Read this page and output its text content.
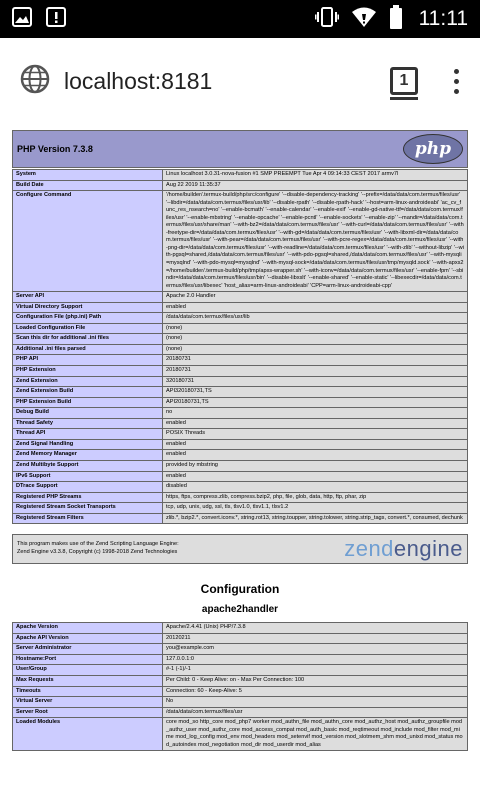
11:11
localhost:8181	1
PHP Version 7.3.8	php
System	Linux localhost 3.0.31-nova-fusion #1 SMP PREEMPT Tue Apr 4 09:14:33 CEST 2017 armv7l
Build Date	Aug 22 2019 11:35:37
Configure Command	'/home/builder/.termux-build/php/src/configure' '--disable-dependency-tracking' '--prefix=/data/data/com.termux/files/usr' '--libdir=/data/data/com.termux/files/usr/lib' '--disable-rpath' '--disable-rpath-hack' '--host=arm-linux-androideabi' 'ac_cv_func_res_nsearch=no' '--enable-bcmath' '--enable-calendar' '--enable-exif' '--enable-gd-native-ttf=/data/data/com.termux/files/usr' '--enable-mbstring' '--enable-opcache' '--enable-pcntl' '--enable-sockets' '--enable-zip' '--mandir=/data/data/com.termux/files/usr/share/man' '--with-bz2=/data/data/com.termux/files/usr' '--with-curl=/data/data/com.termux/files/usr' '--with-freetype-dir=/data/data/com.termux/files/usr' '--with-gd=/data/data/com.termux/files/usr' '--with-libxml-dir=/data/data/com.termux/files/usr' '--with-pear=/data/data/com.termux/files/usr' '--with-pcre-regex=/data/data/com.termux/files/usr' '--with-png-dir=/data/data/com.termux/files/usr' '--with-readline=/data/data/com.termux/files/usr' '--with-zlib' '--without-libzip' '--with-pgsql=shared,/data/data/com.termux/files/usr' '--with-pdo-pgsql=shared,/data/data/com.termux/files/usr' '--with-mysqli=mysqlnd' '--with-pdo-mysql=mysqlnd' '--with-mysql-sock=/data/data/com.termux/files/usr/tmp/mysqld.sock' '--with-apxs2=/home/builder/.termux-build/php/tmp/apxs-wrapper.sh' '--with-iconv=/data/data/com.termux/files/usr' '--enable-fpm' '--sbindir=/data/data/com.termux/files/usr/bin' '--disable-libxslt' '--enable-shared' '--enable-static' '--libexecdir=/data/data/com.termux/files/usr/libexec' 'host_alias=arm-linux-androideabi' 'CPP=arm-linux-androideabi-cpp'
Server API	Apache 2.0 Handler
Virtual Directory Support	enabled
Configuration File (php.ini) Path	/data/data/com.termux/files/usr/lib
Loaded Configuration File	(none)
Scan this dir for additional .ini files	(none)
Additional .ini files parsed	(none)
PHP API	20180731
PHP Extension	20180731
Zend Extension	320180731
Zend Extension Build	API320180731,TS
PHP Extension Build	API20180731,TS
Debug Build	no
Thread Safety	enabled
Thread API	POSIX Threads
Zend Signal Handling	enabled
Zend Memory Manager	enabled
Zend Multibyte Support	provided by mbstring
IPv6 Support	enabled
DTrace Support	disabled
Registered PHP Streams	https, ftps, compress.zlib, compress.bzip2, php, file, glob, data, http, ftp, phar, zip
Registered Stream Socket Transports	tcp, udp, unix, udg, ssl, tls, tlsv1.0, tlsv1.1, tlsv1.2
Registered Stream Filters	zlib.*, bzip2.*, convert.iconv.*, string.rot13, string.toupper, string.tolower, string.strip_tags, convert.*, consumed, dechunk
This program makes use of the Zend Scripting Language Engine:
Zend Engine v3.3.8, Copyright (c) 1998-2018 Zend Technologies	zendengine
Configuration
apache2handler
Apache Version	Apache/2.4.41 (Unix) PHP/7.3.8
Apache API Version	20120211
Server Administrator	you@example.com
Hostname:Port	127.0.0.1:0
User/Group	#-1 (-1)/-1
Max Requests	Per Child: 0 - Keep Alive: on - Max Per Connection: 100
Timeouts	Connection: 60 - Keep-Alive: 5
Virtual Server	No
Server Root	/data/data/com.termux/files/usr
Loaded Modules	core mod_so http_core mod_php7 worker mod_authn_file mod_authn_core mod_authz_host mod_authz_groupfile mod_authz_user mod_authz_core mod_access_compat mod_auth_basic mod_reqtimeout mod_include mod_filter mod_mime mod_log_config mod_env mod_headers mod_setenvif mod_version mod_slotmem_shm mod_unixd mod_status mod_autoindex mod_negotiation mod_dir mod_userdir mod_alias
